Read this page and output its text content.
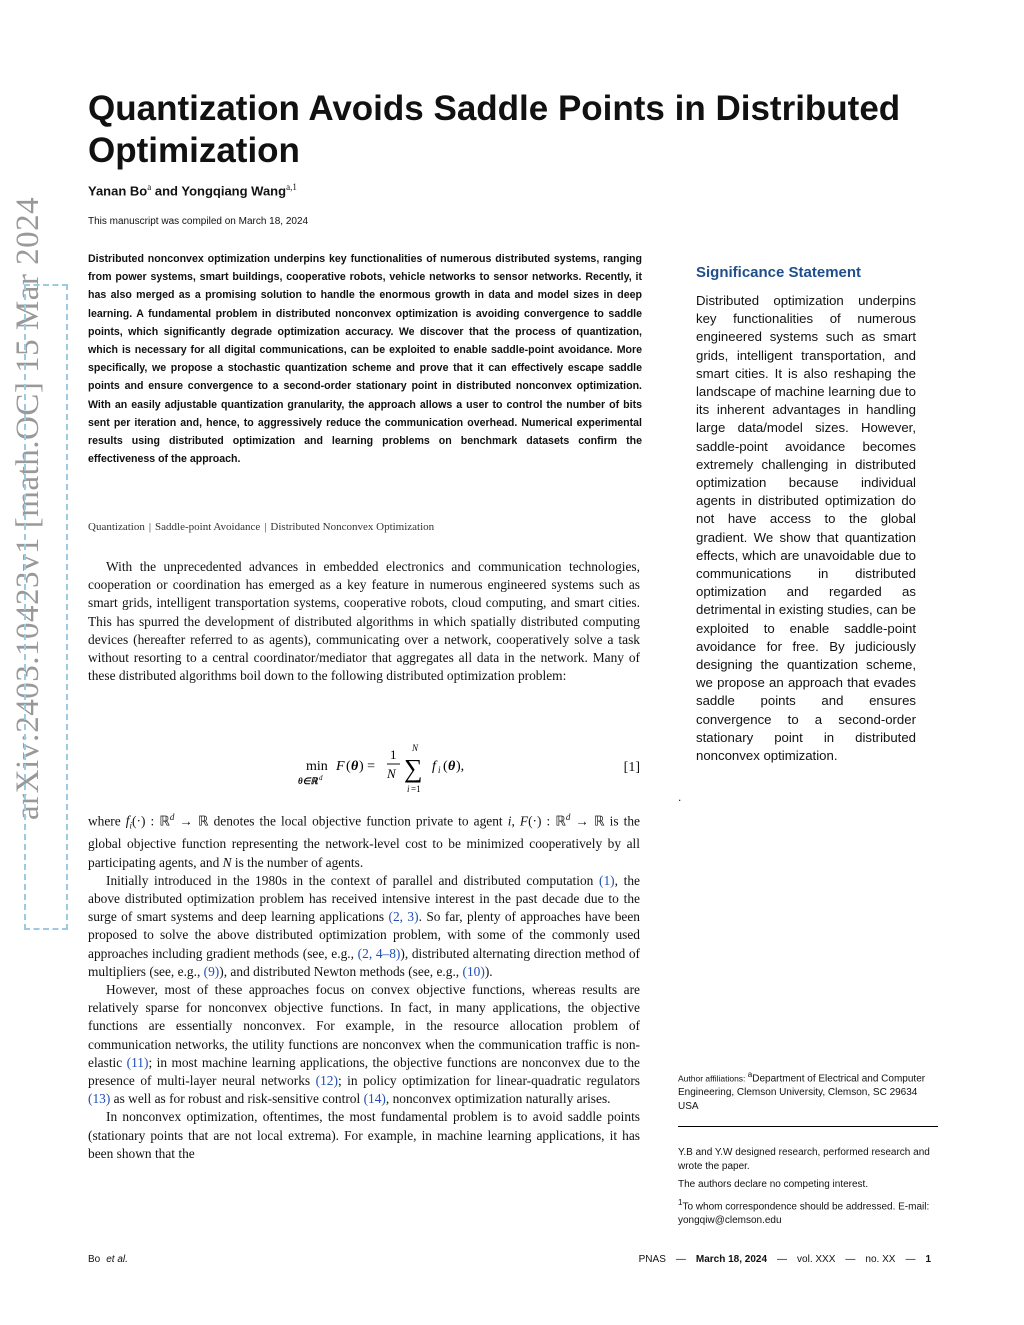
arXiv:2403.10423v1 [math.OC] 15 Mar 2024
Quantization Avoids Saddle Points in Distributed Optimization
Yanan Bo$^a$ and Yongqiang Wang$^{a,1}$
This manuscript was compiled on March 18, 2024

Distributed nonconvex optimization underpins key functionalities of numerous distributed systems, ranging from power systems, smart buildings, cooperative robots, vehicle networks to sensor networks. Recently, it has also merged as a promising solution to handle the enormous growth in data and model sizes in deep learning. A fundamental problem in distributed nonconvex optimization is avoiding convergence to saddle points, which significantly degrade optimization accuracy. We discover that the process of quantization, which is necessary for all digital communications, can be exploited to enable saddle-point avoidance. More specifically, we propose a stochastic quantization scheme and prove that it can effectively escape saddle points and ensure convergence to a second-order stationary point in distributed nonconvex optimization. With an easily adjustable quantization granularity, the approach allows a user to control the number of bits sent per iteration and, hence, to aggressively reduce the communication overhead. Numerical experimental results using distributed optimization and learning problems on benchmark datasets confirm the effectiveness of the approach.

Quantization | Saddle-point Avoidance | Distributed Nonconvex Optimization

With the unprecedented advances in embedded electronics and communication technologies, cooperation or coordination has emerged as a key feature in numerous engineered systems such as smart grids, intelligent transportation systems, cooperative robots, cloud computing, and smart cities. This has spurred the development of distributed algorithms in which spatially distributed computing devices (hereafter referred to as agents), communicating over a network, cooperatively solve a task without resorting to a central coordinator/mediator that aggregates all data in the network. Many of these distributed algorithms boil down to the following distributed optimization problem:

min
θ∈ℝ d
F ( θ ) =
1
N
N
∑
i =1
f i ( θ ),	[1]

where $f_i(\cdot)$ : ℝ$^d$ → ℝ denotes the local objective function private to agent i, F(·) : ℝ$^d$ → ℝ is the global objective function representing the network-level cost to be minimized cooperatively by all participating agents, and N is the number of agents.

Initially introduced in the 1980s in the context of parallel and distributed computation (1), the above distributed optimization problem has received intensive interest in the past decade due to the surge of smart systems and deep learning applications (2, 3). So far, plenty of approaches have been proposed to solve the above distributed optimization problem, with some of the commonly used approaches including gradient methods (see, e.g., (2, 4–8)), distributed alternating direction method of multipliers (see, e.g., (9)), and distributed Newton methods (see, e.g., (10)).

However, most of these approaches focus on convex objective functions, whereas results are relatively sparse for nonconvex objective functions. In fact, in many applications, the objective functions are essentially nonconvex. For example, in the resource allocation problem of communication networks, the utility functions are nonconvex when the communication traffic is non-elastic (11); in most machine learning applications, the objective functions are nonconvex due to the presence of multi-layer neural networks (12); in policy optimization for linear-quadratic regulators (13) as well as for robust and risk-sensitive control (14), nonconvex optimization naturally arises.

In nonconvex optimization, oftentimes, the most fundamental problem is to avoid saddle points (stationary points that are not local extrema). For example, in machine learning applications, it has been shown that the

Significance Statement

Distributed optimization underpins key functionalities of numerous engineered systems such as smart grids, intelligent transportation, and smart cities. It is also reshaping the landscape of machine learning due to its inherent advantages in handling large data/model sizes. However, saddle-point avoidance becomes extremely challenging in distributed optimization because individual agents in distributed optimization do not have access to the global gradient. We show that quantization effects, which are unavoidable due to communications in distributed optimization and regarded as detrimental in existing studies, can be exploited to enable saddle-point avoidance for free. By judiciously designing the quantization scheme, we propose an approach that evades saddle points and ensures convergence to a second-order stationary point in distributed nonconvex optimization.

.
Author affiliations: $^a$Department of Electrical and Computer Engineering, Clemson University, Clemson, SC 29634 USA
Y.B and Y.W designed research, performed research and wrote the paper.
The authors declare no competing interest.
$^1$To whom correspondence should be addressed. E-mail: yongqiw@clemson.edu
Bo et al.	PNAS — March 18, 2024 — vol. XXX — no. XX — 1
